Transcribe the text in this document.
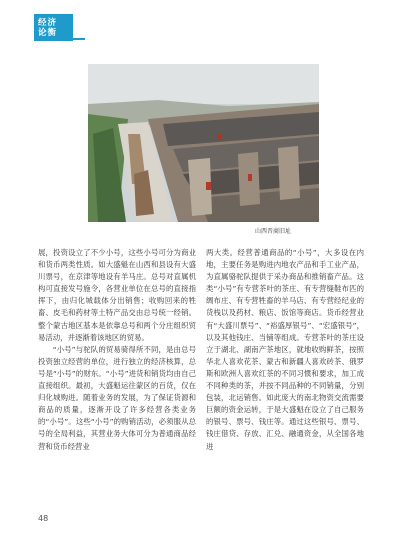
经济
论衡
山西晋商旧址

展，投资设立了不少小号，这些小号可分为商业和货币两类性质。如大盛魁在山西和县设有大盛川票号，在京津等地设有羊马庄。总号对直属机构可直接发号施令，各营业单位在总号的直接指挥下，由归化城载体分出销售；收购回来的牲畜、皮毛和药材等土特产品交由总号统一经销。整个蒙古地区基本是依靠总号和两个分庄组织贸易活动，并逐渐着该地区的贸易。

“小号”与驼队的贸易骑得所不同，是由总号投资独立经营的单位，进行独立的经济核算，总号是“小号”的财东。“小号”进货和销货均由自己直接组织。最初，大盛魁运往蒙区的百货，仅在归化城购进。随着业务的发展，为了保证货源和商品的质量，逐渐开设了许多经营各类业务的“小号”。这些“小号”的购销活动，必须服从总号的全局利益，其营业务大体可分为普通商品经营和货币经营业

两大类。经营普通商品的“小号”，大多设在内地，主要任务是购进内地农产品和手工业产品，为直属骆驼队提供于采办商品和推销畜产品。这类“小号”有专营茶叶的茶庄、有专营缝鞋布匹的绸布庄、有专营牲畜的羊马店、有专营经纪业的货栈以及药材、粮店、饭馆等商店。货币经营业有“大盛川票号”、“裕盛厚银号”、“宏盛银号”，以及其他钱庄、当铺等组成。专营茶叶的茶庄设立于湖北、湖南产茶地区，就地收购鲜茶，按照华北人喜欢花茶、蒙古和新疆人喜欢砖茶、俄罗斯和欧洲人喜欢红茶的不同习惯和要求，加工成不同种类的茶，并按不同品种的不同销量，分别包装，北运销售。如此庞大的南北物资交流需要巨额的资金运转，于是大盛魁在设立了自己服务的银号、票号、钱庄等。通过这些银号、票号、钱庄借贷、存放、汇兑、融通资金，从全国各地进

48
